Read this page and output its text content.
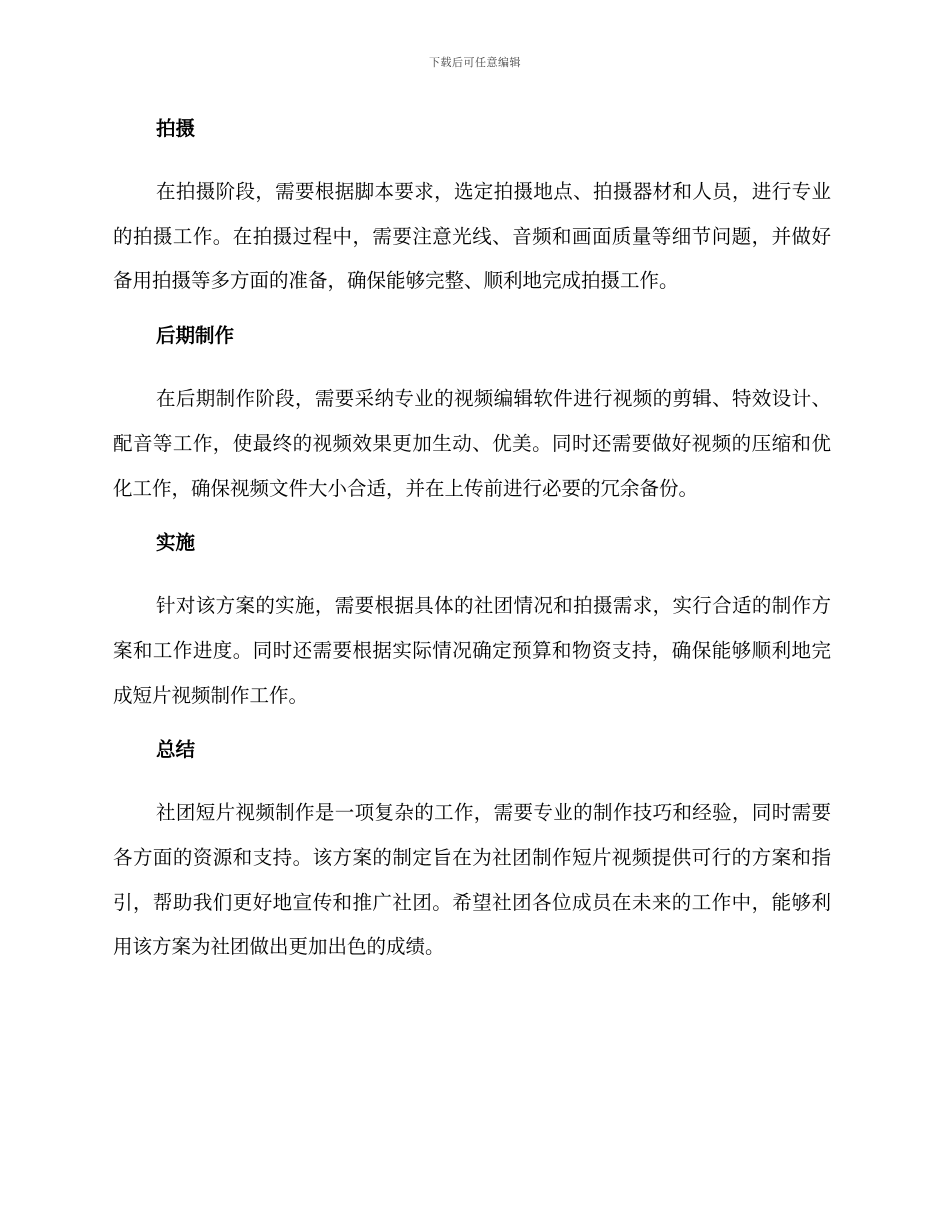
下载后可任意编辑
拍摄

在拍摄阶段，需要根据脚本要求，选定拍摄地点、拍摄器材和人员，进行专业的拍摄工作。在拍摄过程中，需要注意光线、音频和画面质量等细节问题，并做好备用拍摄等多方面的准备，确保能够完整、顺利地完成拍摄工作。

后期制作

在后期制作阶段，需要采纳专业的视频编辑软件进行视频的剪辑、特效设计、配音等工作，使最终的视频效果更加生动、优美。同时还需要做好视频的压缩和优化工作，确保视频文件大小合适，并在上传前进行必要的冗余备份。

实施

针对该方案的实施，需要根据具体的社团情况和拍摄需求，实行合适的制作方案和工作进度。同时还需要根据实际情况确定预算和物资支持，确保能够顺利地完成短片视频制作工作。

总结

社团短片视频制作是一项复杂的工作，需要专业的制作技巧和经验，同时需要各方面的资源和支持。该方案的制定旨在为社团制作短片视频提供可行的方案和指引，帮助我们更好地宣传和推广社团。希望社团各位成员在未来的工作中，能够利用该方案为社团做出更加出色的成绩。
